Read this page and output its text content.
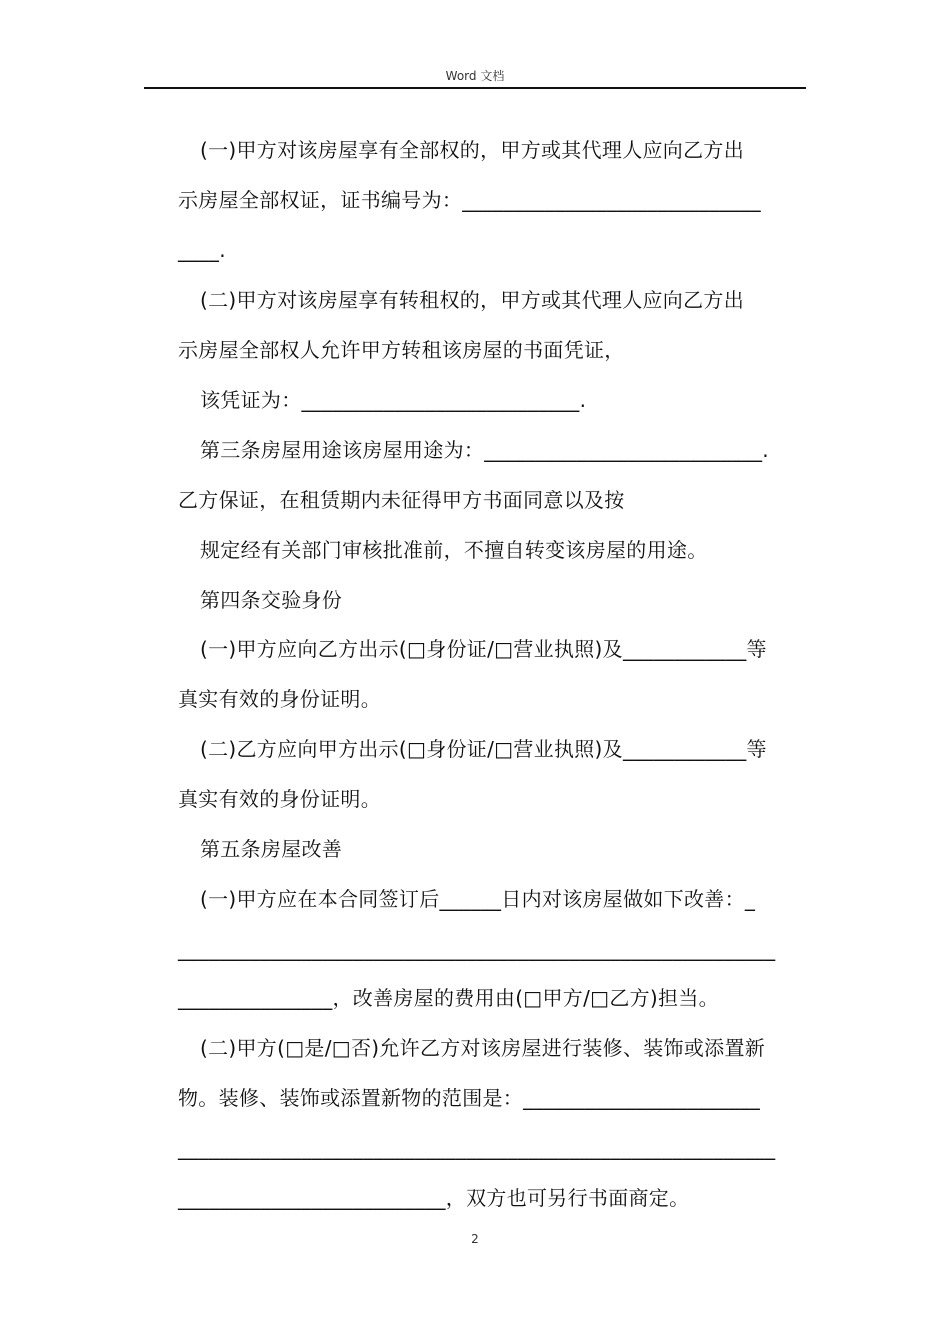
Word 文档
(一)甲方对该房屋享有全部权的，甲方或其代理人应向乙方出
示房屋全部权证，证书编号为：_____________________________
____.
(二)甲方对该房屋享有转租权的，甲方或其代理人应向乙方出
示房屋全部权人允许甲方转租该房屋的书面凭证，
该凭证为：___________________________.
第三条房屋用途该房屋用途为：___________________________.
乙方保证，在租赁期内未征得甲方书面同意以及按
规定经有关部门审核批准前，不擅自转变该房屋的用途。
第四条交验身份
(一)甲方应向乙方出示(□身份证/□营业执照)及____________等
真实有效的身份证明。
(二)乙方应向甲方出示(□身份证/□营业执照)及____________等
真实有效的身份证明。
第五条房屋改善
(一)甲方应在本合同签订后______日内对该房屋做如下改善：_
__________________________________________________________
_______________，改善房屋的费用由(□甲方/□乙方)担当。
(二)甲方(□是/□否)允许乙方对该房屋进行装修、装饰或添置新
物。装修、装饰或添置新物的范围是：_______________________
__________________________________________________________
__________________________，双方也可另行书面商定。
2
